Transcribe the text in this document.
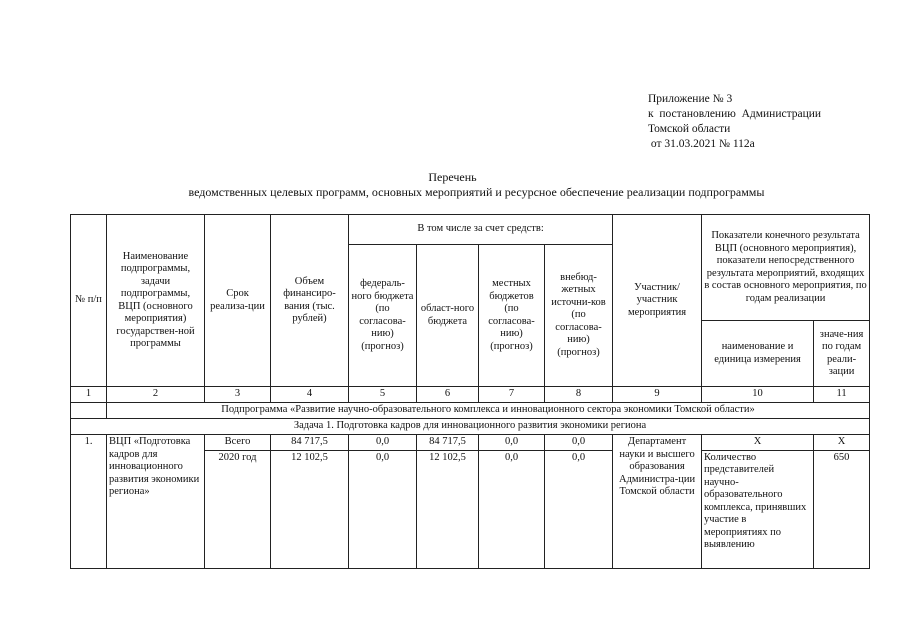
Приложение № 3
к  постановлению  Администрации
Томской области
от 31.03.2021 № 112а
Перечень
ведомственных целевых программ, основных мероприятий и ресурсное обеспечение реализации подпрограммы
№ п/п	Наименование подпрограммы, задачи подпрограммы, ВЦП (основного мероприятия) государствен-ной программы	Срок реализа-ции	Объем финансиро-вания (тыс. рублей)	В том числе за счет средств:				Участник/ участник мероприятия	Показатели конечного результата ВЦП (основного мероприятия), показатели непосредственного результата мероприятий, входящих в состав основного мероприятия, по годам реализации	
				федераль-ного бюджета (по согласова-нию) (прогноз)	област-ного бюджета	местных бюджетов (по согласова-нию) (прогноз)	внебюд-жетных источни-ков (по согласова-нию) (прогноз)			
									наименование и единица измерения	значе-ния по годам реали-зации
1	2	3	4	5	6	7	8	9	10	11
	Подпрограмма «Развитие научно-образовательного комплекса и инновационного сектора экономики Томской области»									
Задача 1. Подготовка кадров для инновационного развития экономики региона										
1.	ВЦП «Подготовка кадров для инновационного развития экономики региона»	Всего	84 717,5	0,0	84 717,5	0,0	0,0	Департамент науки и высшего образования Администра-ции Томской области	Х	Х
		2020 год	12 102,5	0,0	12 102,5	0,0	0,0		Количество представителей научно-образовательного комплекса, принявших участие в мероприятиях по выявлению	650
